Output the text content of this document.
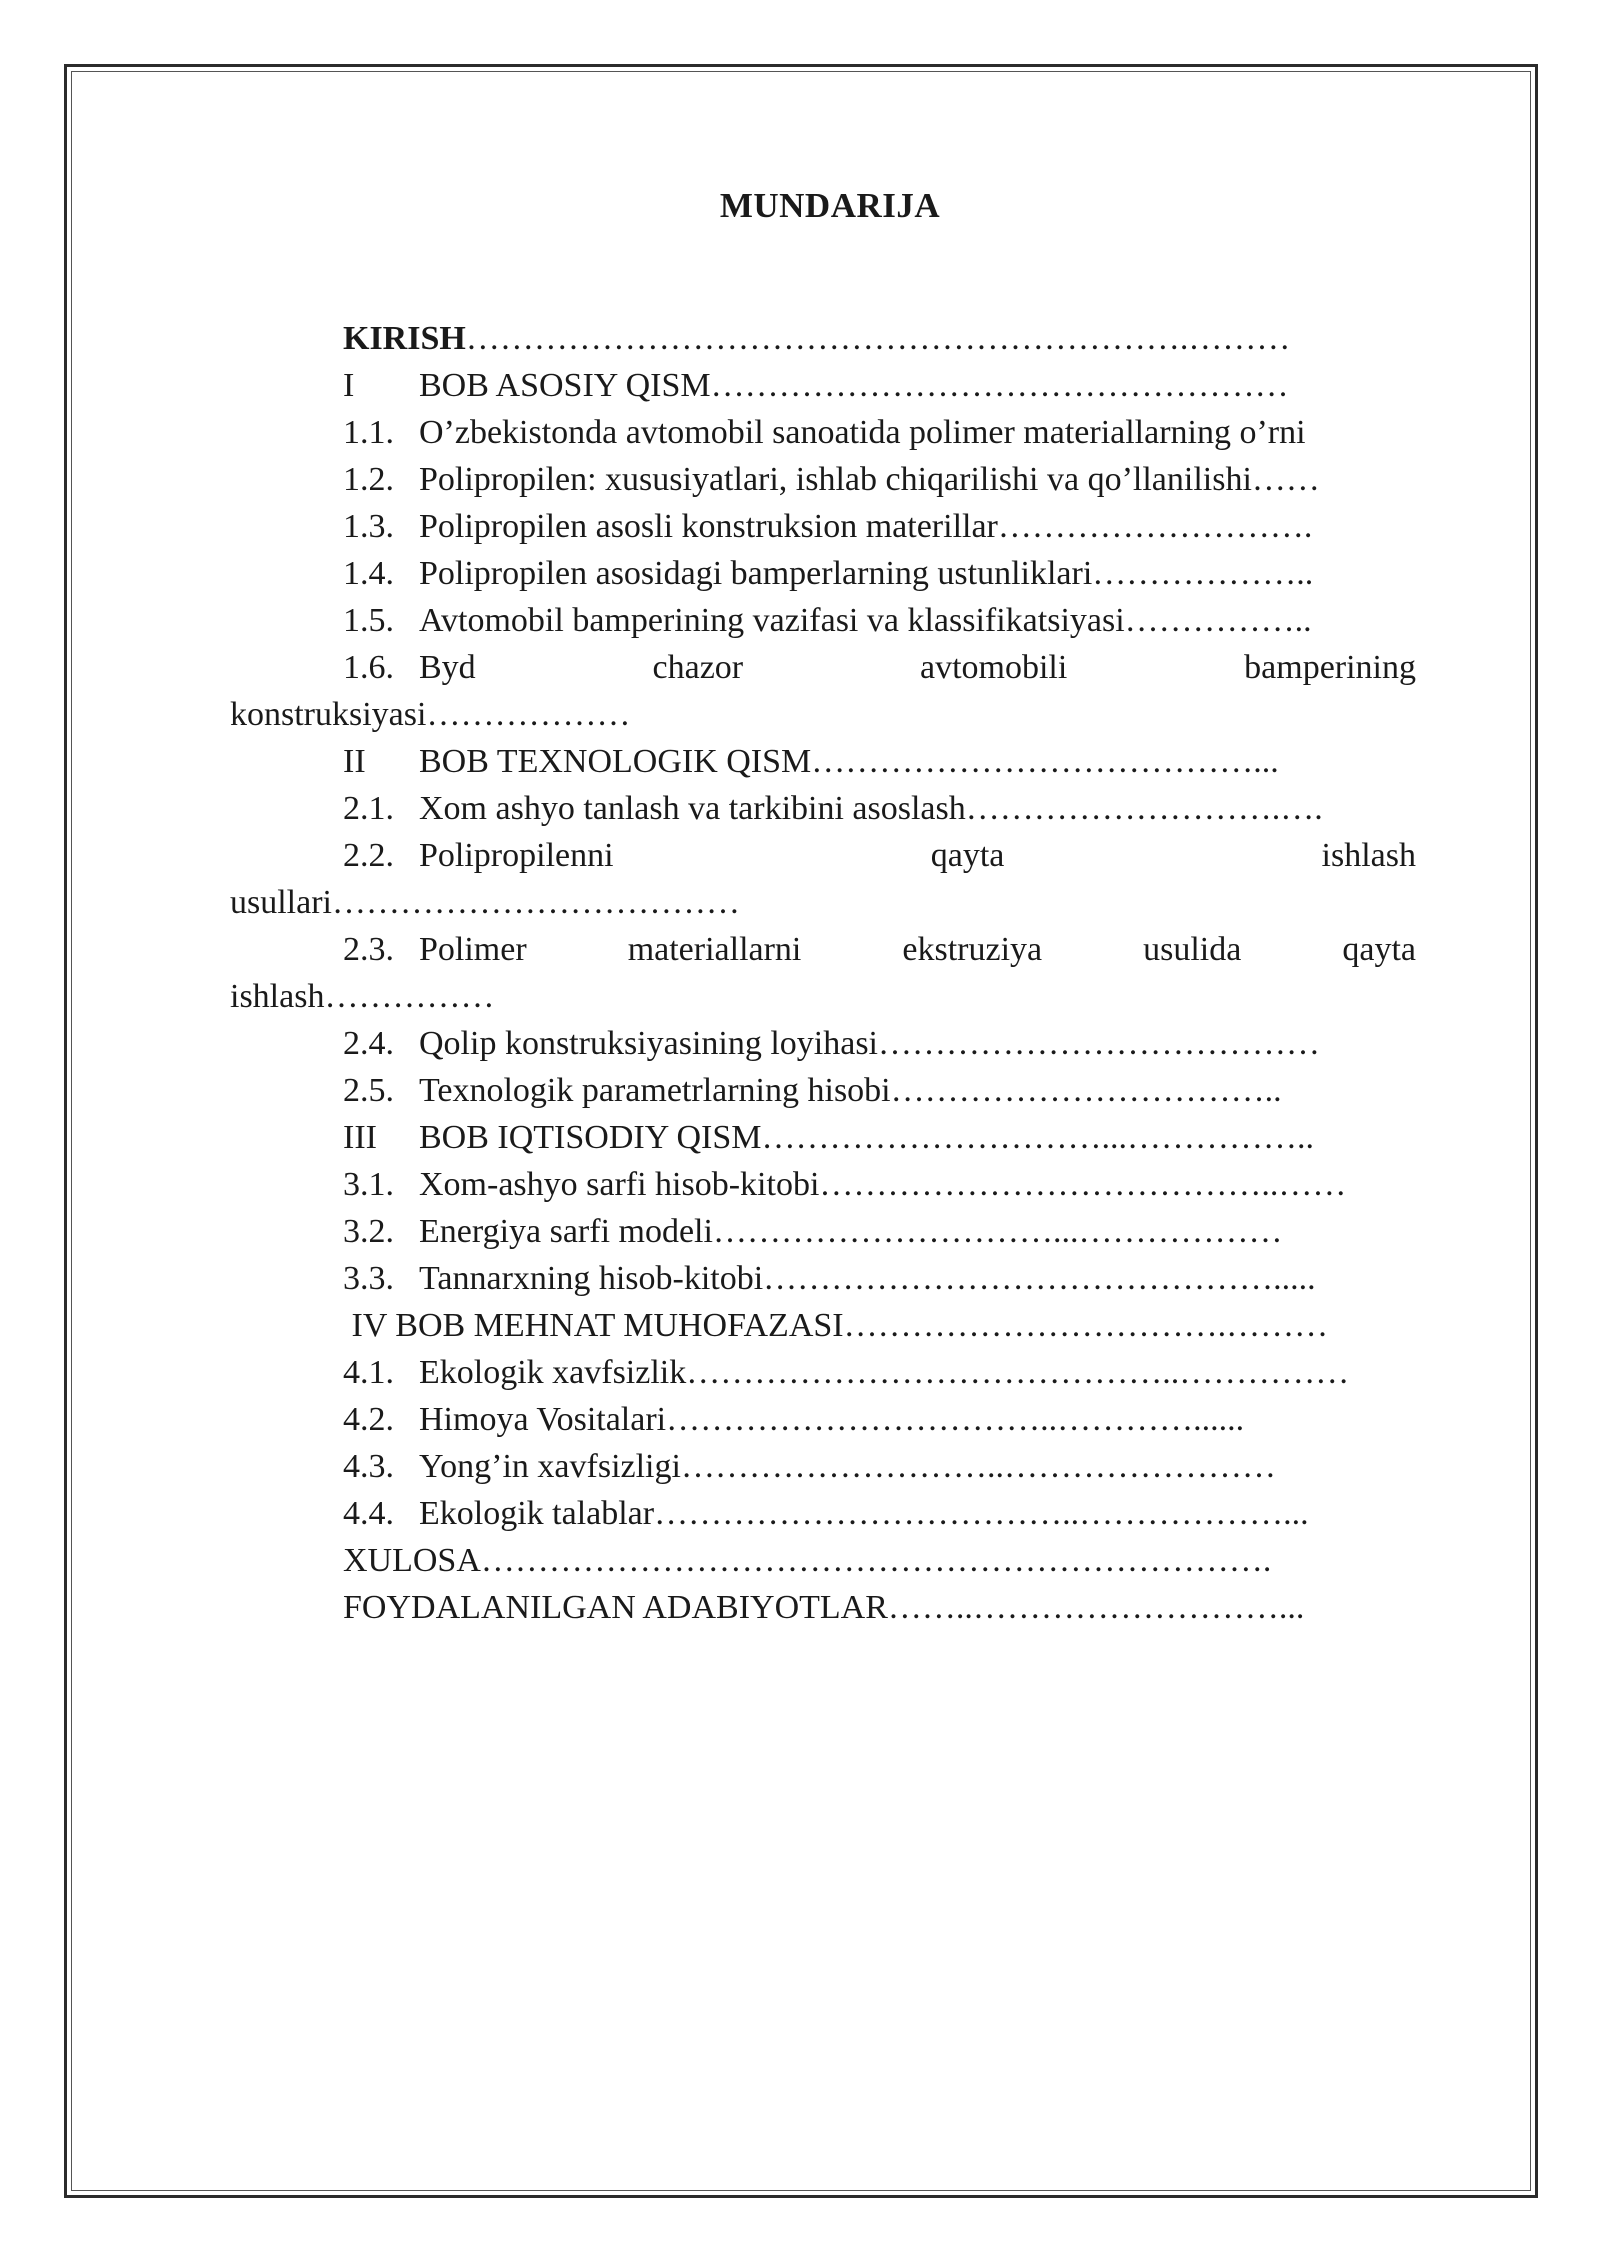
MUNDARIJA
KIRISH……………………………………………………….………
I BOB ASOSIY QISM……………………………………………
1.1. O’zbekistonda avtomobil sanoatida polimer materiallarning o’rni
1.2. Polipropilen: xususiyatlari, ishlab chiqarilishi va qo’llanilishi……
1.3. Polipropilen asosli konstruksion materillar……………………….
1.4. Polipropilen asosidagi bamperlarning ustunliklari………………..
1.5. Avtomobil bamperining vazifasi va klassifikatsiyasi……………..
1.6. Byd	chazor	avtomobili	bamperining
konstruksiyasi………………
II BOB TEXNOLOGIK QISM…………………………………...
2.1. Xom ashyo tanlash va tarkibini asoslash……………………….….
2.2. Polipropilenni	qayta	ishlash
usullari………………………………
2.3. Polimer	materiallarni	ekstruziya	usulida	qayta
ishlash……………
2.4. Qolip konstruksiyasining loyihasi…………………………………
2.5. Texnologik parametrlarning hisobi……………………………..
III BOB IQTISODIY QISM…………………………...……………..
3.1. Xom-ashyo sarfi hisob-kitobi…………………………………..……
3.2. Energiya sarfi modeli…………………………...………………
3.3. Tannarxning hisob-kitobi……………………………………….....
IV BOB MEHNAT MUHOFAZASI…………………………….………
4.1. Ekologik xavfsizlik……………………………………..……………
4.2. Himoya Vositalari……………………………..…………......
4.3. Yong’in xavfsizligi………………………..……………………
4.4. Ekologik talablar………………………………..………………...
XULOSA…………………………………………………………….
FOYDALANILGAN ADABIYOTLAR……..………………………...
